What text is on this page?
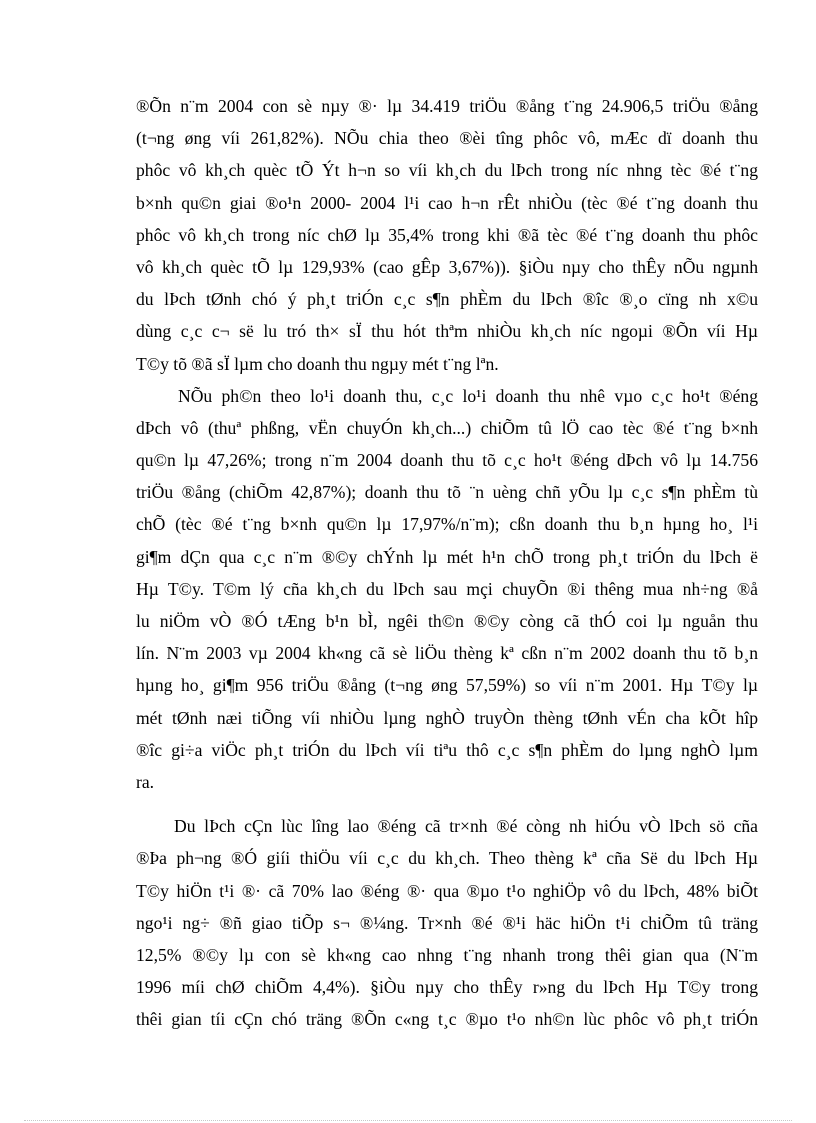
®Õn n¨m 2004 con sè nµy ®· lµ 34.419 triÖu ®ång t¨ng 24.906,5 triÖu ®ång
(t¬ng øng víi 261,82%). NÕu chia theo ®èi tîng phôc vô, mÆc dï doanh thu
phôc vô kh¸ch quèc tÕ Ýt h¬n so víi kh¸ch du lÞch trong níc nhng tèc ®é t¨ng
b×nh qu©n giai ®o¹n 2000- 2004 l¹i cao h¬n rÊt nhiÒu (tèc ®é t¨ng doanh thu
phôc vô kh¸ch trong níc chØ lµ 35,4% trong khi ®ã tèc ®é t¨ng doanh thu phôc
vô kh¸ch quèc tÕ lµ 129,93% (cao gÊp 3,67%)). §iÒu nµy cho thÊy nÕu ngµnh
du lÞch tØnh chó ý ph¸t triÓn c¸c s¶n phÈm du lÞch ®îc ®¸o cïng nh x©u
dùng c¸c c¬ së lu tró th× sÏ thu hót thªm nhiÒu kh¸ch níc ngoµi ®Õn víi Hµ
T©y tõ ®ã sÏ lµm cho doanh thu ngµy mét t¨ng lªn.
NÕu ph©n theo lo¹i doanh thu, c¸c lo¹i doanh thu nhê vµo c¸c ho¹t ®éng
dÞch vô (thuª phßng, vËn chuyÓn kh¸ch...) chiÕm tû lÖ cao tèc ®é t¨ng b×nh
qu©n lµ 47,26%; trong n¨m 2004 doanh thu tõ c¸c ho¹t ®éng dÞch vô lµ 14.756
triÖu ®ång (chiÕm 42,87%); doanh thu tõ ¨n uèng chñ yÕu lµ c¸c s¶n phÈm tù
chÕ (tèc ®é t¨ng b×nh qu©n lµ 17,97%/n¨m); cßn doanh thu b¸n hµng ho¸ l¹i
gi¶m dÇn qua c¸c n¨m ®©y chÝnh lµ mét h¹n chÕ trong ph¸t triÓn du lÞch ë
Hµ T©y. T©m lý cña kh¸ch du lÞch sau mçi chuyÕn ®i thêng mua nh÷ng ®å
lu niÖm vÒ ®Ó tÆng b¹n bÌ, ngêi th©n ®©y còng cã thÓ coi lµ nguån thu
lín. N¨m 2003 vµ 2004 kh«ng cã sè liÖu thèng kª cßn n¨m 2002 doanh thu tõ b¸n
hµng ho¸ gi¶m 956 triÖu ®ång (t¬ng øng 57,59%) so víi n¨m 2001. Hµ T©y lµ
mét tØnh næi tiÕng víi nhiÒu lµng nghÒ truyÒn thèng tØnh vÉn cha kÕt hîp
®îc gi÷a viÖc ph¸t triÓn du lÞch víi tiªu thô c¸c s¶n phÈm do lµng nghÒ lµm
ra.
Du lÞch cÇn lùc lîng lao ®éng cã tr×nh ®é còng nh hiÓu vÒ lÞch sö cña
®Þa ph¬ng ®Ó giíi thiÖu víi c¸c du kh¸ch. Theo thèng kª cña Së du lÞch Hµ
T©y hiÖn t¹i ®· cã 70% lao ®éng ®· qua ®µo t¹o nghiÖp vô du lÞch, 48% biÕt
ngo¹i ng÷ ®ñ giao tiÕp s¬ ®¼ng. Tr×nh ®é ®¹i häc hiÖn t¹i chiÕm tû träng
12,5% ®©y lµ con sè kh«ng cao nhng t¨ng nhanh trong thêi gian qua (N¨m
1996 míi chØ chiÕm 4,4%). §iÒu nµy cho thÊy r»ng du lÞch Hµ T©y trong
thêi gian tíi cÇn chó träng ®Õn c«ng t¸c ®µo t¹o nh©n lùc phôc vô ph¸t triÓn
